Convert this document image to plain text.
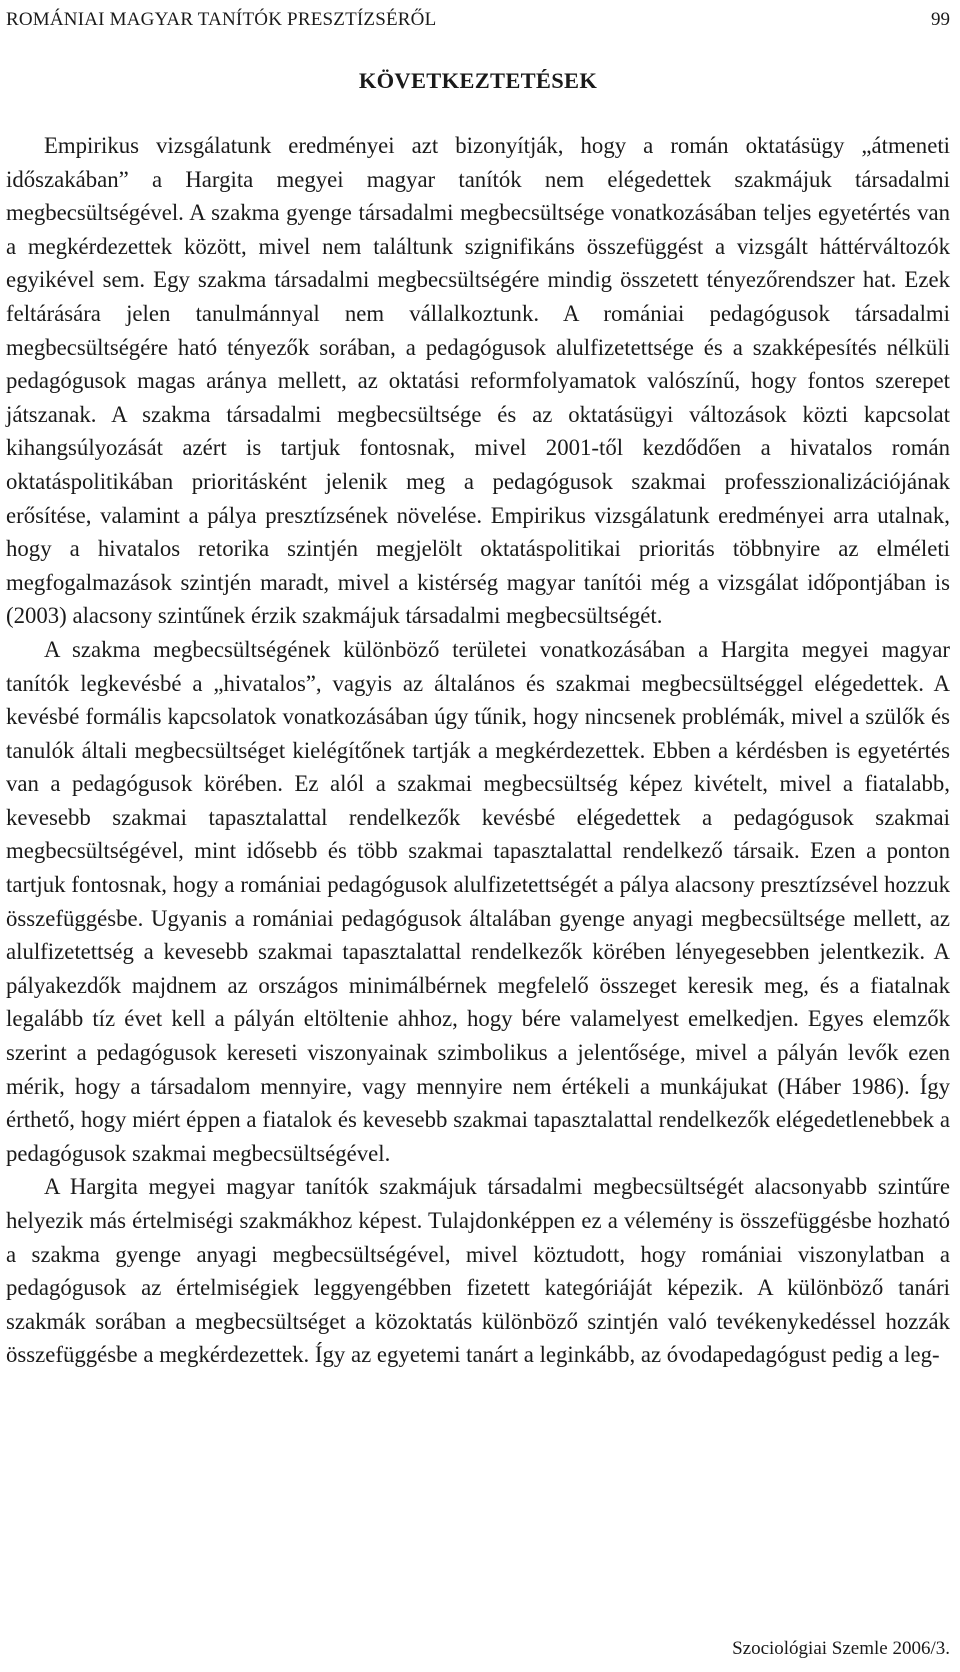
ROMÁNIAI MAGYAR TANÍTÓK PRESZTÍZSÉRŐL	99
KÖVETKEZTETÉSEK

Empirikus vizsgálatunk eredményei azt bizonyítják, hogy a román oktatásügy „átmeneti időszakában” a Hargita megyei magyar tanítók nem elégedettek szakmájuk társadalmi megbecsültségével. A szakma gyenge társadalmi megbecsültsége vonatkozásában teljes egyetértés van a megkérdezettek között, mivel nem találtunk szignifikáns összefüggést a vizsgált háttérváltozók egyikével sem. Egy szakma társadalmi megbecsültségére mindig összetett tényezőrendszer hat. Ezek feltárására jelen tanulmánnyal nem vállalkoztunk. A romániai pedagógusok társadalmi megbecsültségére ható tényezők sorában, a pedagógusok alulfizetettsége és a szakképesítés nélküli pedagógusok magas aránya mellett, az oktatási reformfolyamatok valószínű, hogy fontos szerepet játszanak. A szakma társadalmi megbecsültsége és az oktatásügyi változások közti kapcsolat kihangsúlyozását azért is tartjuk fontosnak, mivel 2001-től kezdődően a hivatalos román oktatáspolitikában prioritásként jelenik meg a pedagógusok szakmai professzionalizációjának erősítése, valamint a pálya presztízsének növelése. Empirikus vizsgálatunk eredményei arra utalnak, hogy a hivatalos retorika szintjén megjelölt oktatáspolitikai prioritás többnyire az elméleti megfogalmazások szintjén maradt, mivel a kistérség magyar tanítói még a vizsgálat időpontjában is (2003) alacsony szintűnek érzik szakmájuk társadalmi megbecsültségét.

A szakma megbecsültségének különböző területei vonatkozásában a Hargita megyei magyar tanítók legkevésbé a „hivatalos”, vagyis az általános és szakmai megbecsültséggel elégedettek. A kevésbé formális kapcsolatok vonatkozásában úgy tűnik, hogy nincsenek problémák, mivel a szülők és tanulók általi megbecsültséget kielégítőnek tartják a megkérdezettek. Ebben a kérdésben is egyetértés van a pedagógusok körében. Ez alól a szakmai megbecsültség képez kivételt, mivel a fiatalabb, kevesebb szakmai tapasztalattal rendelkezők kevésbé elégedettek a pedagógusok szakmai megbecsültségével, mint idősebb és több szakmai tapasztalattal rendelkező társaik. Ezen a ponton tartjuk fontosnak, hogy a romániai pedagógusok alulfizetettségét a pálya alacsony presztízsével hozzuk összefüggésbe. Ugyanis a romániai pedagógusok általában gyenge anyagi megbecsültsége mellett, az alulfizetettség a kevesebb szakmai tapasztalattal rendelkezők körében lényegesebben jelentkezik. A pályakezdők majdnem az országos minimálbérnek megfelelő összeget keresik meg, és a fiatalnak legalább tíz évet kell a pályán eltöltenie ahhoz, hogy bére valamelyest emelkedjen. Egyes elemzők szerint a pedagógusok kereseti viszonyainak szimbolikus a jelentősége, mivel a pályán levők ezen mérik, hogy a társadalom mennyire, vagy mennyire nem értékeli a munkájukat (Háber 1986). Így érthető, hogy miért éppen a fiatalok és kevesebb szakmai tapasztalattal rendelkezők elégedetlenebbek a pedagógusok szakmai megbecsültségével.

A Hargita megyei magyar tanítók szakmájuk társadalmi megbecsültségét alacsonyabb szintűre helyezik más értelmiségi szakmákhoz képest. Tulajdonképpen ez a vélemény is összefüggésbe hozható a szakma gyenge anyagi megbecsültségével, mivel köztudott, hogy romániai viszonylatban a pedagógusok az értelmiségiek leggyengébben fizetett kategóriáját képezik. A különböző tanári szakmák sorában a megbecsültséget a közoktatás különböző szintjén való tevékenykedéssel hozzák összefüggésbe a megkérdezettek. Így az egyetemi tanárt a leginkább, az óvodapedagógust pedig a leg-

Szociológiai Szemle 2006/3.
